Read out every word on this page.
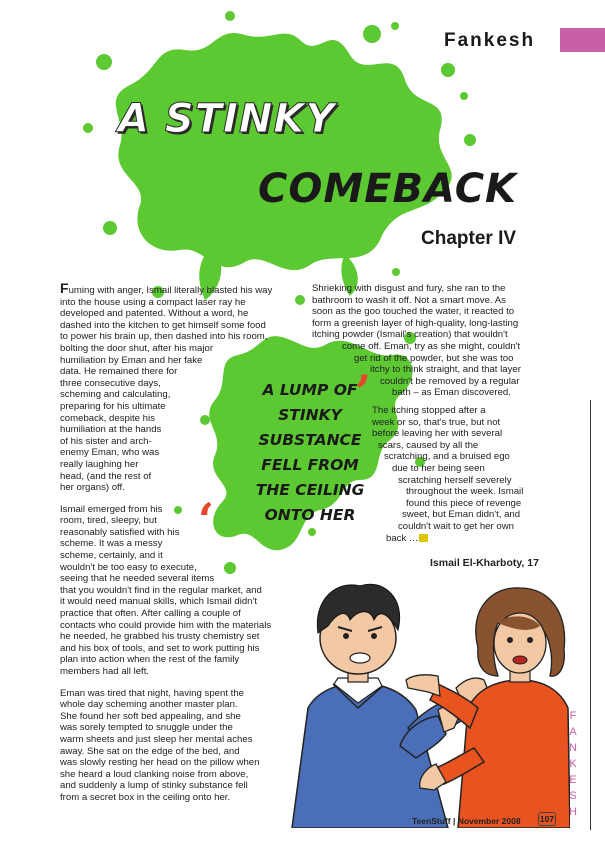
Fankesh
A STINKY
COMEBACK
Chapter IV
Fuming with anger, Ismail literally blasted his way
into the house using a compact laser ray he
developed and patented. Without a word, he
dashed into the kitchen to get himself some food
to power his brain up, then dashed into his room,
bolting the door shut, after his major
humiliation by Eman and her fake
data. He remained there for
three consecutive days,
scheming and calculating,
preparing for his ultimate
comeback, despite his
humiliation at the hands
of his sister and arch-
enemy Eman, who was
really laughing her
head, (and the rest of
her organs) off.
Ismail emerged from his
room, tired, sleepy, but
reasonably satisfied with his
scheme. It was a messy
scheme, certainly, and it
wouldn't be too easy to execute,
seeing that he needed several items
that you wouldn't find in the regular market, and
it would need manual skills, which Ismail didn't
practice that often. After calling a couple of
contacts who could provide him with the materials
he needed, he grabbed his trusty chemistry set
and his box of tools, and set to work putting his
plan into action when the rest of the family
members had all left.
Eman was tired that night, having spent the
whole day scheming another master plan.
She found her soft bed appealing, and she
was sorely tempted to snuggle under the
warm sheets and just sleep her mental aches
away. She sat on the edge of the bed, and
was slowly resting her head on the pillow when
she heard a loud clanking noise from above,
and suddenly a lump of stinky substance fell
from a secret box in the ceiling onto her.
Shrieking with disgust and fury, she ran to the
bathroom to wash it off. Not a smart move. As
soon as the goo touched the water, it reacted to
form a greenish layer of high-quality, long-lasting
itching powder (Ismail's creation) that wouldn't
come off. Eman, try as she might, couldn't
get rid of the powder, but she was too
itchy to think straight, and that layer
couldn't be removed by a regular
bath – as Eman discovered.
The itching stopped after a
week or so, that's true, but not
before leaving her with several
scars, caused by all the
scratching, and a bruised ego
due to her being seen
scratching herself severely
throughout the week. Ismail
found this piece of revenge
sweet, but Eman didn't, and
couldn't wait to get her own
back …
A LUMP OF STINKY SUBSTANCE FELL FROM THE CEILING ONTO HER
’
‘
Ismail El-Kharboty, 17
F
A
N
K
E
S
H
TeenStuff | November 2008 107
